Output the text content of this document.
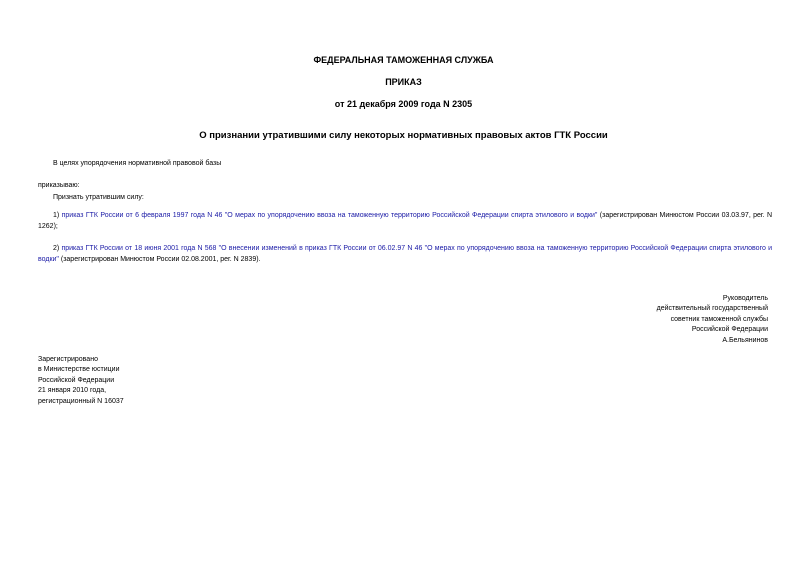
ФЕДЕРАЛЬНАЯ ТАМОЖЕННАЯ СЛУЖБА
ПРИКАЗ
от 21 декабря 2009 года N 2305
О признании утратившими силу некоторых нормативных правовых актов ГТК России
В целях упорядочения нормативной правовой базы
приказываю:
Признать утратившим силу:
1) приказ ГТК России от 6 февраля 1997 года N 46 "О мерах по упорядочению ввоза на таможенную территорию Российской Федерации спирта этилового и водки" (зарегистрирован Минюстом России 03.03.97, рег. N 1262);
2) приказ ГТК России от 18 июня 2001 года N 568 "О внесении изменений в приказ ГТК России от 06.02.97 N 46 "О мерах по упорядочению ввоза на таможенную территорию Российской Федерации спирта этилового и водки" (зарегистрирован Минюстом России 02.08.2001, рег. N 2839).
Руководитель
действительный государственный
советник таможенной службы
Российской Федерации
А.Бельянинов
Зарегистрировано
в Министерстве юстиции
Российской Федерации
21 января 2010 года,
регистрационный N 16037
